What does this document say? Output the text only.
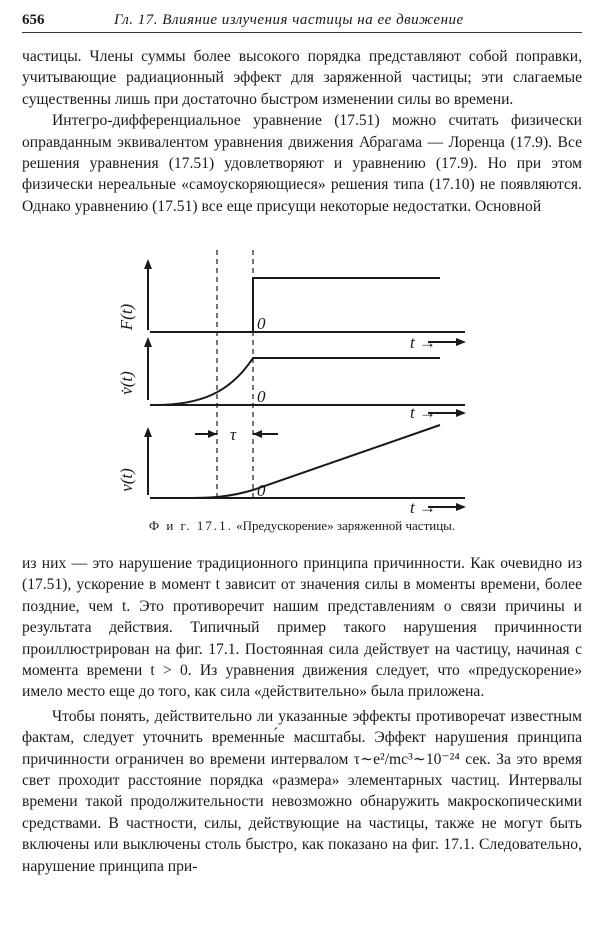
656	Гл. 17. Влияние излучения частицы на ее движение

частицы. Члены суммы более высокого порядка представляют собой поправки, учитывающие радиационный эффект для заряженной частицы; эти слагаемые существенны лишь при достаточно быстром изменении силы во времени.

Интегро-дифференциальное уравнение (17.51) можно считать физически оправданным эквивалентом уравнения движения Абрагама — Лоренца (17.9). Все решения уравнения (17.51) удовлетворяют и уравнению (17.9). Но при этом физически нереальные «самоускоряющиеся» решения типа (17.10) не появляются. Однако уравнению (17.51) все еще присущи некоторые недостатки. Основной

F(t)
v̇(t)
v(t)
0
0
0
t →
t →
t →
τ
Ф и г. 17.1. «Предускорение» заряженной частицы.

из них — это нарушение традиционного принципа причинности. Как очевидно из (17.51), ускорение в момент t зависит от значения силы в моменты времени, более поздние, чем t. Это противоречит нашим представлениям о связи причины и результата действия. Типичный пример такого нарушения причинности проиллюстрирован на фиг. 17.1. Постоянная сила действует на частицу, начиная с момента времени t > 0. Из уравнения движения следует, что «предускорение» имело место еще до того, как сила «действительно» была приложена.

Чтобы понять, действительно ли указанные эффекты противоречат известным фактам, следует уточнить временны́е масштабы. Эффект нарушения принципа причинности ограничен во времени интервалом τ∼e²/mc³∼10⁻²⁴ сек. За это время свет проходит расстояние порядка «размера» элементарных частиц. Интервалы времени такой продолжительности невозможно обнаружить макроскопическими средствами. В частности, силы, действующие на частицы, также не могут быть включены или выключены столь быстро, как показано на фиг. 17.1. Следовательно, нарушение принципа при-
